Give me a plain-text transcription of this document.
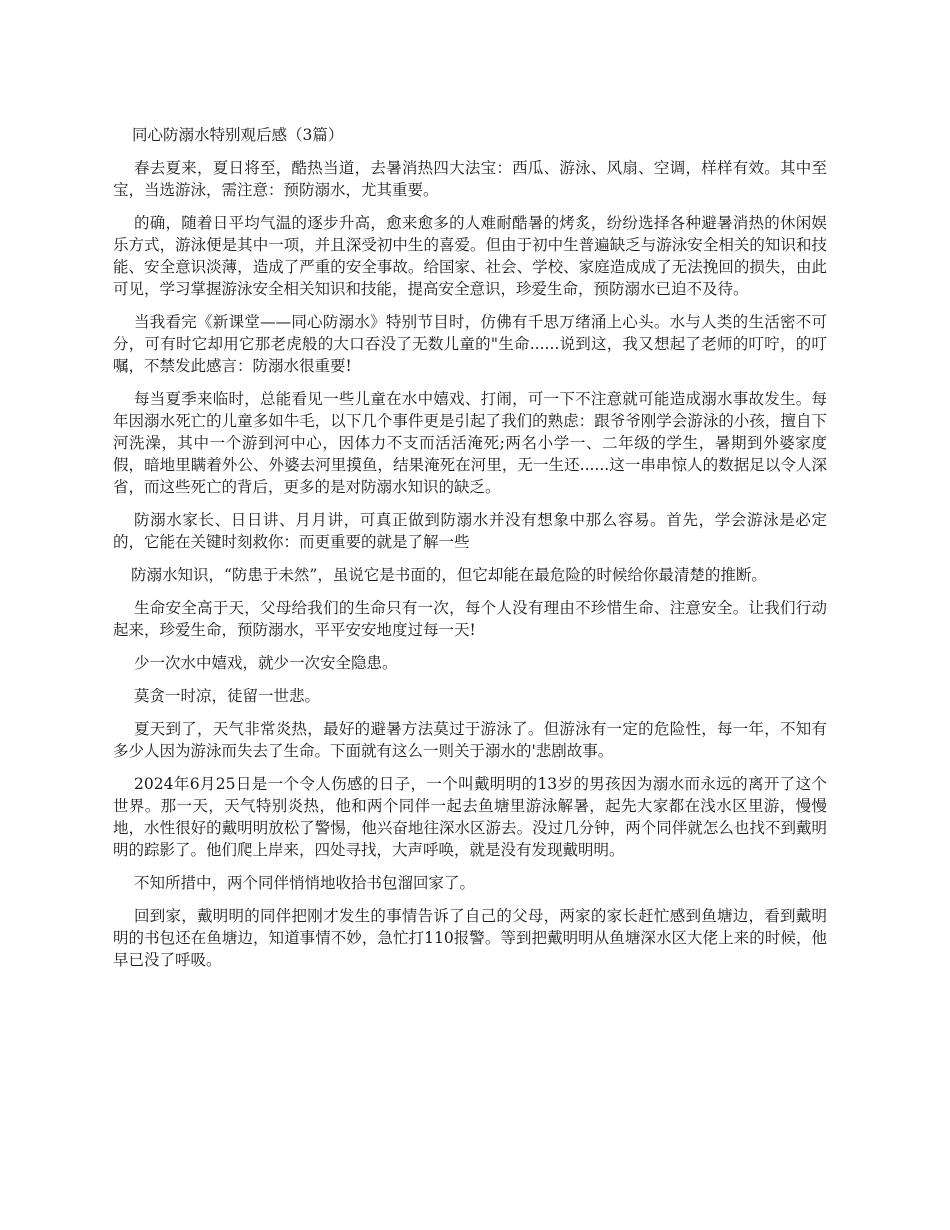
同心防溺水特别观后感（3篇）

春去夏来，夏日将至，酷热当道，去暑消热四大法宝：西瓜、游泳、风扇、空调，样样有效。其中至宝，当选游泳，需注意：预防溺水，尤其重要。

的确，随着日平均气温的逐步升高，愈来愈多的人难耐酷暑的烤炙，纷纷选择各种避暑消热的休闲娱乐方式，游泳便是其中一项，并且深受初中生的喜爱。但由于初中生普遍缺乏与游泳安全相关的知识和技能、安全意识淡薄，造成了严重的安全事故。给国家、社会、学校、家庭造成成了无法挽回的损失，由此可见，学习掌握游泳安全相关知识和技能，提高安全意识，珍爱生命，预防溺水已迫不及待。

当我看完《新课堂——同心防溺水》特别节目时，仿佛有千思万绪涌上心头。水与人类的生活密不可分，可有时它却用它那老虎般的大口吞没了无数儿童的"生命......说到这，我又想起了老师的叮咛，的叮嘱，不禁发此感言：防溺水很重要!

每当夏季来临时，总能看见一些儿童在水中嬉戏、打闹，可一下不注意就可能造成溺水事故发生。每年因溺水死亡的儿童多如牛毛，以下几个事件更是引起了我们的熟虑：跟爷爷刚学会游泳的小孩，擅自下河洗澡，其中一个游到河中心，因体力不支而活活淹死;两名小学一、二年级的学生，暑期到外婆家度假，暗地里瞒着外公、外婆去河里摸鱼，结果淹死在河里，无一生还......这一串串惊人的数据足以令人深省，而这些死亡的背后，更多的是对防溺水知识的缺乏。

防溺水家长、日日讲、月月讲，可真正做到防溺水并没有想象中那么容易。首先，学会游泳是必定的，它能在关键时刻救你：而更重要的就是了解一些

防溺水知识，“防患于未然”，虽说它是书面的，但它却能在最危险的时候给你最清楚的推断。

生命安全高于天，父母给我们的生命只有一次，每个人没有理由不珍惜生命、注意安全。让我们行动起来，珍爱生命，预防溺水，平平安安地度过每一天!

少一次水中嬉戏，就少一次安全隐患。

莫贪一时凉，徒留一世悲。

夏天到了，天气非常炎热，最好的避暑方法莫过于游泳了。但游泳有一定的危险性，每一年，不知有多少人因为游泳而失去了生命。下面就有这么一则关于溺水的'悲剧故事。

2024年6月25日是一个令人伤感的日子，一个叫戴明明的13岁的男孩因为溺水而永远的离开了这个世界。那一天，天气特别炎热，他和两个同伴一起去鱼塘里游泳解暑，起先大家都在浅水区里游，慢慢地，水性很好的戴明明放松了警惕，他兴奋地往深水区游去。没过几分钟，两个同伴就怎么也找不到戴明明的踪影了。他们爬上岸来，四处寻找，大声呼唤，就是没有发现戴明明。

不知所措中，两个同伴悄悄地收拾书包溜回家了。

回到家，戴明明的同伴把刚才发生的事情告诉了自己的父母，两家的家长赶忙感到鱼塘边，看到戴明明的书包还在鱼塘边，知道事情不妙，急忙打110报警。等到把戴明明从鱼塘深水区大佬上来的时候，他早已没了呼吸。
